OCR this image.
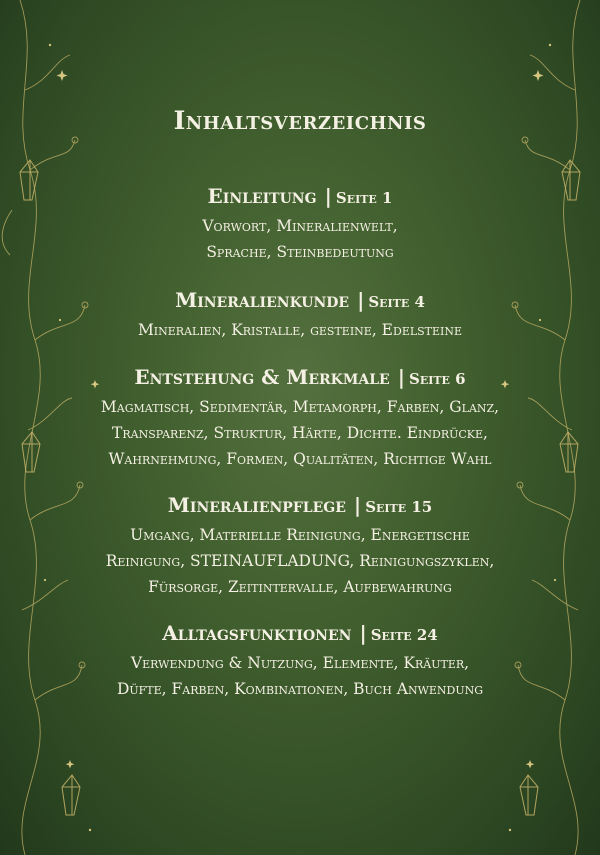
Inhaltsverzeichnis
Einleitung | Seite 1
Vorwort, Mineralienwelt,
Sprache, Steinbedeutung
Mineralienkunde | Seite 4
Mineralien, Kristalle, gesteine, Edelsteine
Entstehung & Merkmale | Seite 6
Magmatisch, Sedimentär, Metamorph, Farben, Glanz,
Transparenz, Struktur, Härte, Dichte. Eindrücke,
Wahrnehmung, Formen, Qualitäten, Richtige Wahl
Mineralienpflege | Seite 15
Umgang, Materielle Reinigung, Energetische
Reinigung, STEINAUFLADUNG, Reinigungszyklen,
Fürsorge, Zeitintervalle, Aufbewahrung
Alltagsfunktionen | Seite 24
Verwendung & Nutzung, Elemente, Kräuter,
Düfte, Farben, Kombinationen, Buch Anwendung
